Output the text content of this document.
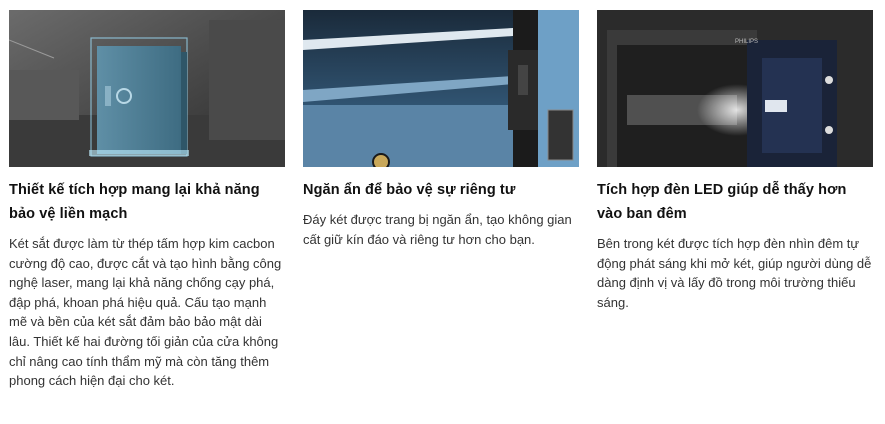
Thiết kế tích hợp mang lại khả năng bảo vệ liền mạch
Két sắt được làm từ thép tấm hợp kim cacbon cường độ cao, được cắt và tạo hình bằng công nghệ laser, mang lại khả năng chống cạy phá, đập phá, khoan phá hiệu quả. Cấu tạo mạnh mẽ và bền của két sắt đảm bảo bảo mật dài lâu. Thiết kế hai đường tối giản của cửa không chỉ nâng cao tính thẩm mỹ mà còn tăng thêm phong cách hiện đại cho két.
Ngăn ẩn để bảo vệ sự riêng tư
Đáy két được trang bị ngăn ẩn, tạo không gian cất giữ kín đáo và riêng tư hơn cho bạn.
PHILIPS
Tích hợp đèn LED giúp dễ thấy hơn vào ban đêm
Bên trong két được tích hợp đèn nhìn đêm tự động phát sáng khi mở két, giúp người dùng dễ dàng định vị và lấy đồ trong môi trường thiếu sáng.
